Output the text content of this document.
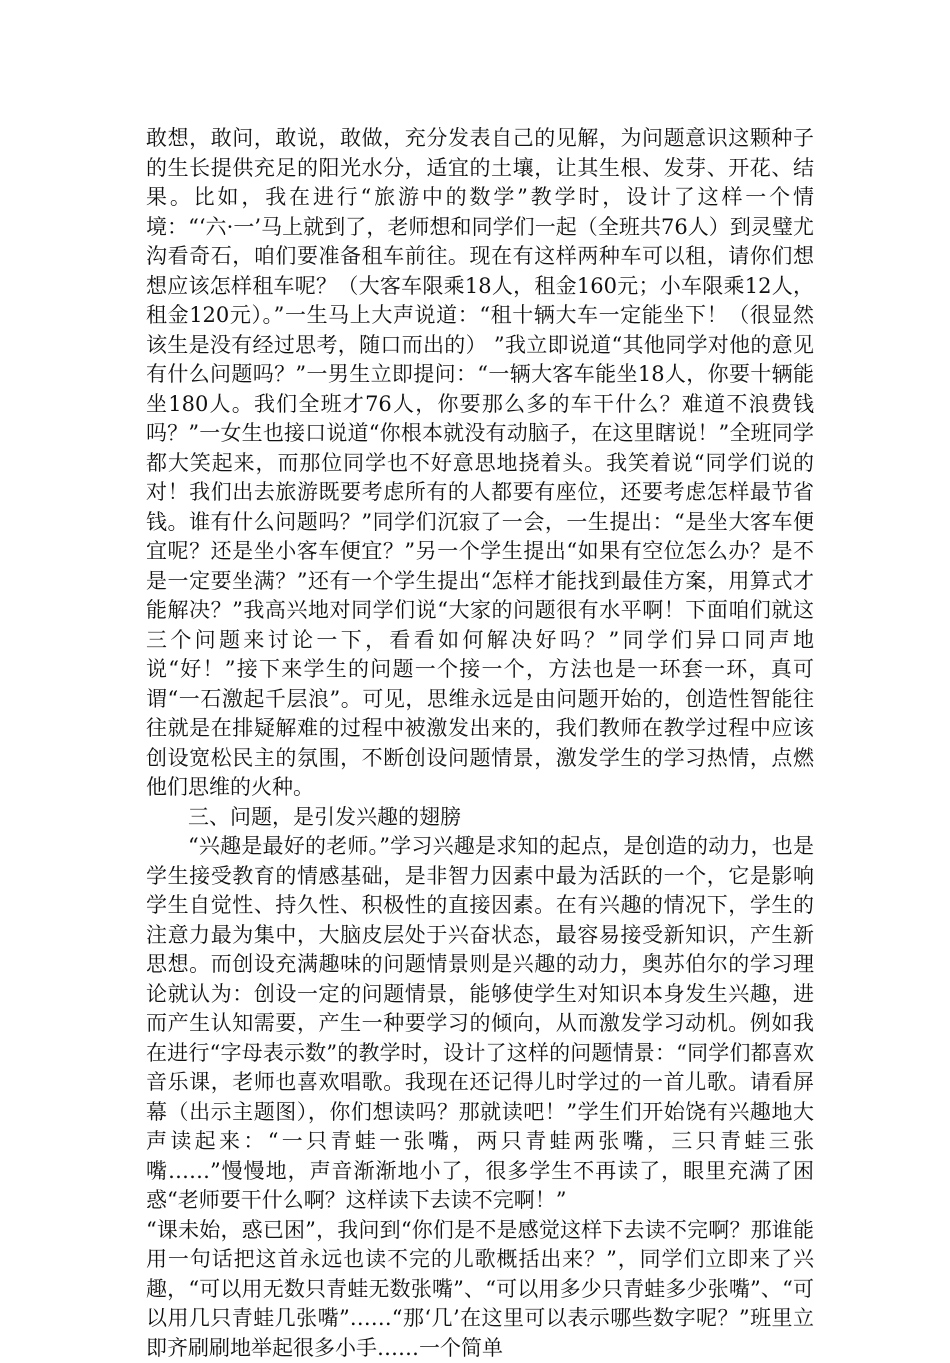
敢想，敢问，敢说，敢做，充分发表自己的见解，为问题意识这颗种子的生长提供充足的阳光水分，适宜的土壤，让其生根、发芽、开花、结果。比如，我在进行“旅游中的数学”教学时，设计了这样一个情境：“‘六·一’马上就到了，老师想和同学们一起（全班共76人）到灵璧尤沟看奇石，咱们要准备租车前往。现在有这样两种车可以租，请你们想想应该怎样租车呢？（大客车限乘18人，租金160元；小车限乘12人，租金120元）。”一生马上大声说道：“租十辆大车一定能坐下！（很显然该生是没有经过思考，随口而出的） ”我立即说道“其他同学对他的意见有什么问题吗？”一男生立即提问：“一辆大客车能坐18人，你要十辆能坐180人。我们全班才76人，你要那么多的车干什么？难道不浪费钱吗？”一女生也接口说道“你根本就没有动脑子，在这里瞎说！”全班同学都大笑起来，而那位同学也不好意思地挠着头。我笑着说“同学们说的对！我们出去旅游既要考虑所有的人都要有座位，还要考虑怎样最节省钱。谁有什么问题吗？”同学们沉寂了一会，一生提出：“是坐大客车便宜呢？还是坐小客车便宜？”另一个学生提出“如果有空位怎么办？是不是一定要坐满？”还有一个学生提出“怎样才能找到最佳方案，用算式才能解决？”我高兴地对同学们说“大家的问题很有水平啊！下面咱们就这三个问题来讨论一下，看看如何解决好吗？”同学们异口同声地说“好！”接下来学生的问题一个接一个，方法也是一环套一环，真可谓“一石激起千层浪”。可见，思维永远是由问题开始的，创造性智能往往就是在排疑解难的过程中被激发出来的，我们教师在教学过程中应该创设宽松民主的氛围，不断创设问题情景，激发学生的学习热情，点燃他们思维的火种。

三、问题，是引发兴趣的翅膀

“兴趣是最好的老师。”学习兴趣是求知的起点，是创造的动力，也是学生接受教育的情感基础，是非智力因素中最为活跃的一个，它是影响学生自觉性、持久性、积极性的直接因素。在有兴趣的情况下，学生的注意力最为集中，大脑皮层处于兴奋状态，最容易接受新知识，产生新思想。而创设充满趣味的问题情景则是兴趣的动力，奥苏伯尔的学习理论就认为：创设一定的问题情景，能够使学生对知识本身发生兴趣，进而产生认知需要，产生一种要学习的倾向，从而激发学习动机。例如我在进行“字母表示数”的教学时，设计了这样的问题情景：“同学们都喜欢音乐课，老师也喜欢唱歌。我现在还记得儿时学过的一首儿歌。请看屏幕（出示主题图），你们想读吗？那就读吧！”学生们开始饶有兴趣地大声读起来：“一只青蛙一张嘴，两只青蛙两张嘴，三只青蛙三张嘴……”慢慢地，声音渐渐地小了，很多学生不再读了，眼里充满了困惑“老师要干什么啊？这样读下去读不完啊！”

“课未始，惑已困”，我问到“你们是不是感觉这样下去读不完啊？那谁能用一句话把这首永远也读不完的儿歌概括出来？”，同学们立即来了兴趣，“可以用无数只青蛙无数张嘴”、“可以用多少只青蛙多少张嘴”、“可以用几只青蛙几张嘴”……“那‘几’在这里可以表示哪些数字呢？”班里立即齐刷刷地举起很多小手……一个简单
